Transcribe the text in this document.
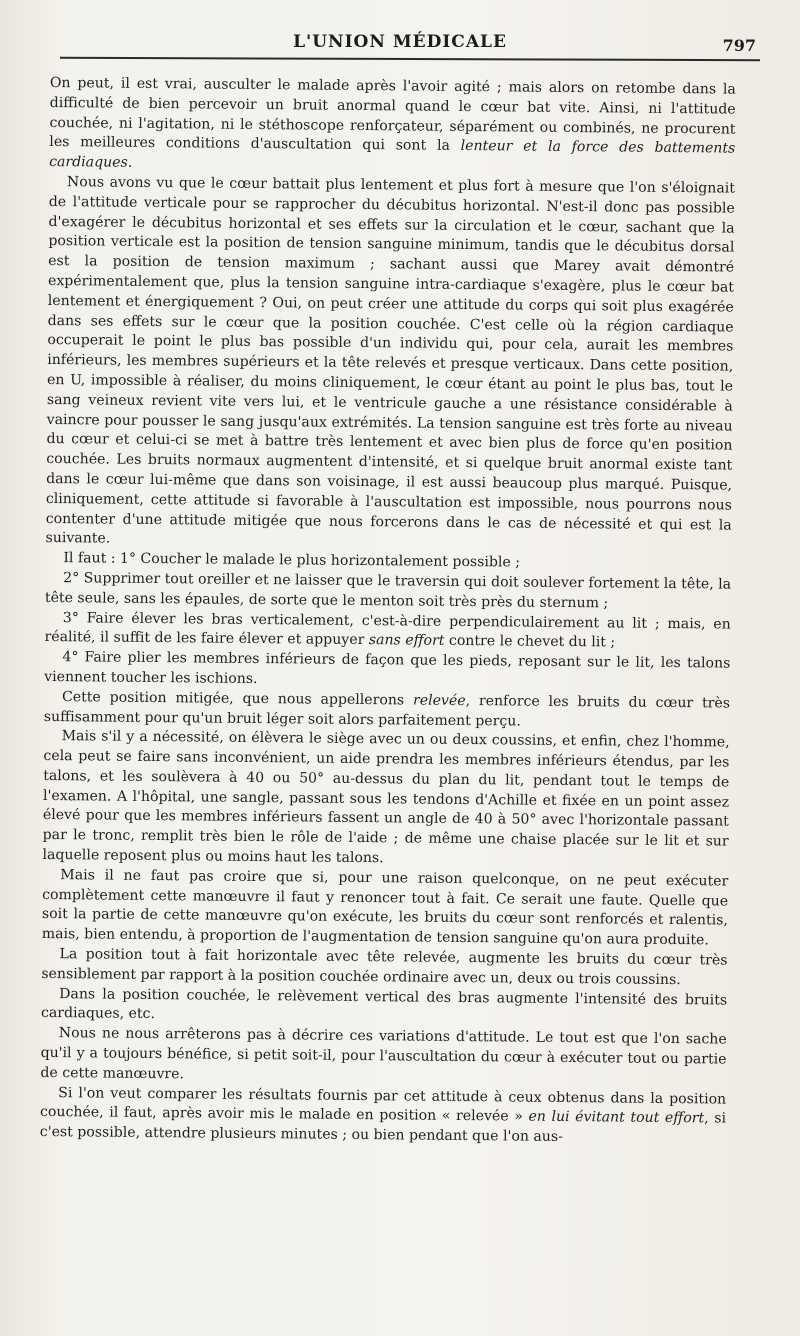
L'UNION MÉDICALE	797

On peut, il est vrai, ausculter le malade après l'avoir agité ; mais alors on retombe dans la difficulté de bien percevoir un bruit anormal quand le cœur bat vite. Ainsi, ni l'attitude couchée, ni l'agitation, ni le stéthoscope renforçateur, séparément ou combinés, ne procurent les meilleures conditions d'auscultation qui sont la lenteur et la force des battements cardiaques.

Nous avons vu que le cœur battait plus lentement et plus fort à mesure que l'on s'éloignait de l'attitude verticale pour se rapprocher du décubitus horizontal. N'est-il donc pas possible d'exagérer le décubitus horizontal et ses effets sur la circulation et le cœur, sachant que la position verticale est la position de tension sanguine minimum, tandis que le décubitus dorsal est la position de tension maximum ; sachant aussi que Marey avait démontré expérimentalement que, plus la tension sanguine intra-cardiaque s'exagère, plus le cœur bat lentement et énergiquement ? Oui, on peut créer une attitude du corps qui soit plus exagérée dans ses effets sur le cœur que la position couchée. C'est celle où la région cardiaque occuperait le point le plus bas possible d'un individu qui, pour cela, aurait les membres inférieurs, les membres supérieurs et la tête relevés et presque verticaux. Dans cette position, en U, impossible à réaliser, du moins cliniquement, le cœur étant au point le plus bas, tout le sang veineux revient vite vers lui, et le ventricule gauche a une résistance considérable à vaincre pour pousser le sang jusqu'aux extrémités. La tension sanguine est très forte au niveau du cœur et celui-ci se met à battre très lentement et avec bien plus de force qu'en position couchée. Les bruits normaux augmentent d'intensité, et si quelque bruit anormal existe tant dans le cœur lui-même que dans son voisinage, il est aussi beaucoup plus marqué. Puisque, cliniquement, cette attitude si favorable à l'auscultation est impossible, nous pourrons nous contenter d'une attitude mitigée que nous forcerons dans le cas de nécessité et qui est la suivante.

Il faut : 1° Coucher le malade le plus horizontalement possible ;

2° Supprimer tout oreiller et ne laisser que le traversin qui doit soulever fortement la tête, la tête seule, sans les épaules, de sorte que le menton soit très près du sternum ;

3° Faire élever les bras verticalement, c'est-à-dire perpendiculairement au lit ; mais, en réalité, il suffit de les faire élever et appuyer sans effort contre le chevet du lit ;

4° Faire plier les membres inférieurs de façon que les pieds, reposant sur le lit, les talons viennent toucher les ischions.

Cette position mitigée, que nous appellerons relevée, renforce les bruits du cœur très suffisamment pour qu'un bruit léger soit alors parfaitement perçu.

Mais s'il y a nécessité, on élèvera le siège avec un ou deux coussins, et enfin, chez l'homme, cela peut se faire sans inconvénient, un aide prendra les membres inférieurs étendus, par les talons, et les soulèvera à 40 ou 50° au-dessus du plan du lit, pendant tout le temps de l'examen. A l'hôpital, une sangle, passant sous les tendons d'Achille et fixée en un point assez élevé pour que les membres inférieurs fassent un angle de 40 à 50° avec l'horizontale passant par le tronc, remplit très bien le rôle de l'aide ; de même une chaise placée sur le lit et sur laquelle reposent plus ou moins haut les talons.

Mais il ne faut pas croire que si, pour une raison quelconque, on ne peut exécuter complètement cette manœuvre il faut y renoncer tout à fait. Ce serait une faute. Quelle que soit la partie de cette manœuvre qu'on exécute, les bruits du cœur sont renforcés et ralentis, mais, bien entendu, à proportion de l'augmentation de tension sanguine qu'on aura produite.

La position tout à fait horizontale avec tête relevée, augmente les bruits du cœur très sensiblement par rapport à la position couchée ordinaire avec un, deux ou trois coussins.

Dans la position couchée, le relèvement vertical des bras augmente l'intensité des bruits cardiaques, etc.

Nous ne nous arrêterons pas à décrire ces variations d'attitude. Le tout est que l'on sache qu'il y a toujours bénéfice, si petit soit-il, pour l'auscultation du cœur à exécuter tout ou partie de cette manœuvre.

Si l'on veut comparer les résultats fournis par cet attitude à ceux obtenus dans la position couchée, il faut, après avoir mis le malade en position « relevée » en lui évitant tout effort, si c'est possible, attendre plusieurs minutes ; ou bien pendant que l'on aus-
